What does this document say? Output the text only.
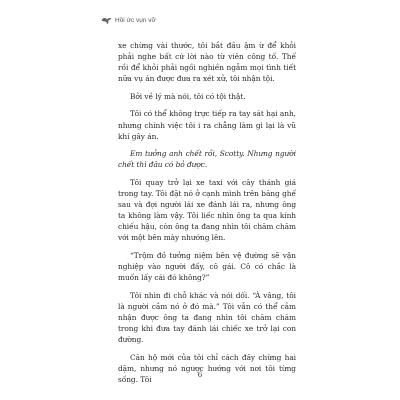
Hồi ức vụn vỡ

xe chừng vài thước, tôi bắt đầu ậm ừ để khỏi phải nghe bất cứ lời nào từ viên công tố. Thế rồi để khỏi phải ngồi nghiền ngẫm mọi tình tiết nữa vụ án được đưa ra xét xử, tôi nhận tội.

Bởi về lý mà nói, tôi có tội thật.

Tôi có thể không trực tiếp ra tay sát hại anh, nhưng chính việc tôi i ra chẳng làm gì lại là vũ khí gây án.

Em tưởng anh chết rồi, Scotty. Nhưng người chết thì đâu có bỏ được.

Tôi quay trở lại xe taxi với cây thánh giá trong tay. Tôi đặt nó ở cạnh mình trên băng ghế sau và đợi người lái xe đánh lái ra, nhưng ông ta không làm vậy. Tôi liếc nhìn ông ta qua kính chiếu hậu, còn ông ta đang nhìn tôi chăm chăm với một bên mày nhướng lên.

“Trộm đồ tưởng niệm bên vệ đường sẽ vận nghiệp vào người đấy, cô gái. Cô có chắc là muốn lấy cái đó không?”

Tôi nhìn đi chỗ khác và nói dối. “À vâng, tôi là người cắm nó ở đó mà.” Tôi vẫn có thể cảm nhận được ông ta đang nhìn tôi chăm chăm trong khi đưa tay đánh lái chiếc xe trở lại con đường.

Căn hộ mới của tôi chỉ cách đây chừng hai dặm, nhưng nó ngược hướng với nơi tôi từng sống. Tôi	6
